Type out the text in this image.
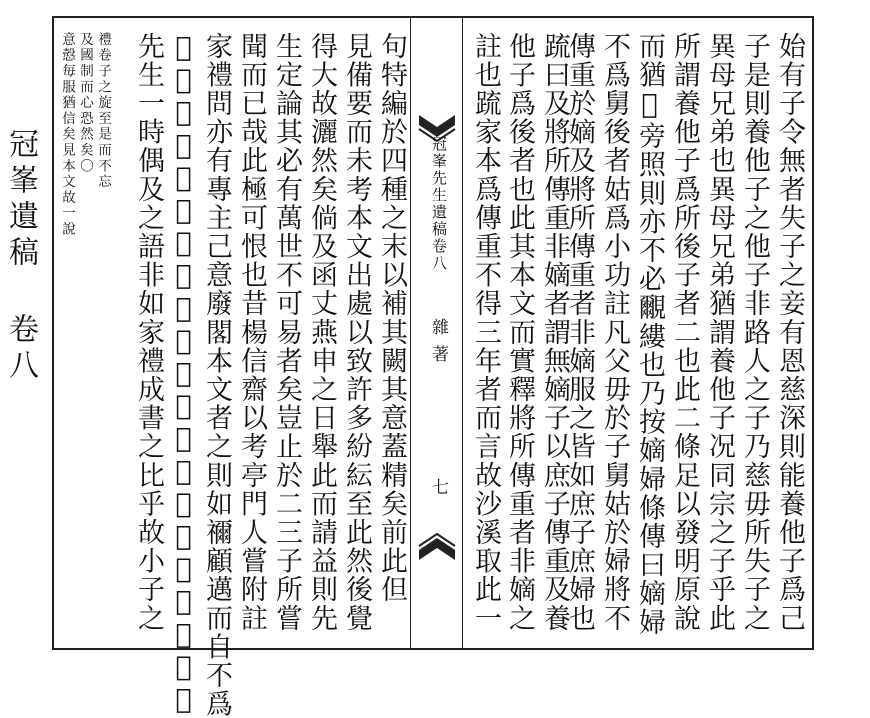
冠峯遺稿 卷八	始有子令無者失子之妾有恩慈深則能養他子爲己
子是則養他子之他子非路人之子乃慈毋所失子之
異母兄弟也異母兄弟猶謂養他子况同宗之子乎此
所謂養他子爲所後子者二也此二條足以發明原說
而猶𠋣旁照則亦不必覼縷也乃按嫡婦條傳曰嫡婦
不爲舅後者姑爲小功註凡父毋於子舅姑於婦將不
傳重於嫡及將所傳重者非嫡服之皆如庶子庶婦也
䟽曰及將所傳重非嫡者謂無嫡子以庶子傳重及養
他子爲後者也此其本文而實釋將所傳重者非嫡之
註也䟽家本爲傳重不得三年者而言故沙溪取此一
冠峯先生遺稿卷八
雜著
七
句特編於四種之末以補其闕其意蓋精矣前此但
見備要而未考本文出處以致許多紛紜至此然後覺
得大故灑然矣倘及函丈燕申之日舉此而請益則先
生定論其必有萬世不可易者矣豈止於二三子所嘗
聞而已哉此極可恨也昔楊信齋以考亭門人嘗附註
家禮問亦有專主己意廢閣本文者之則如禰顧邁而自不爲
𠒉人亦不非者蓋以義理至公不可以私之故也况此
先生一時偶及之語非如家禮成書之比乎故小子之
禮卷子之旋至是而不忘
及國制而心恐然矣〇
意慤毎服猶信矣見本文故一說
